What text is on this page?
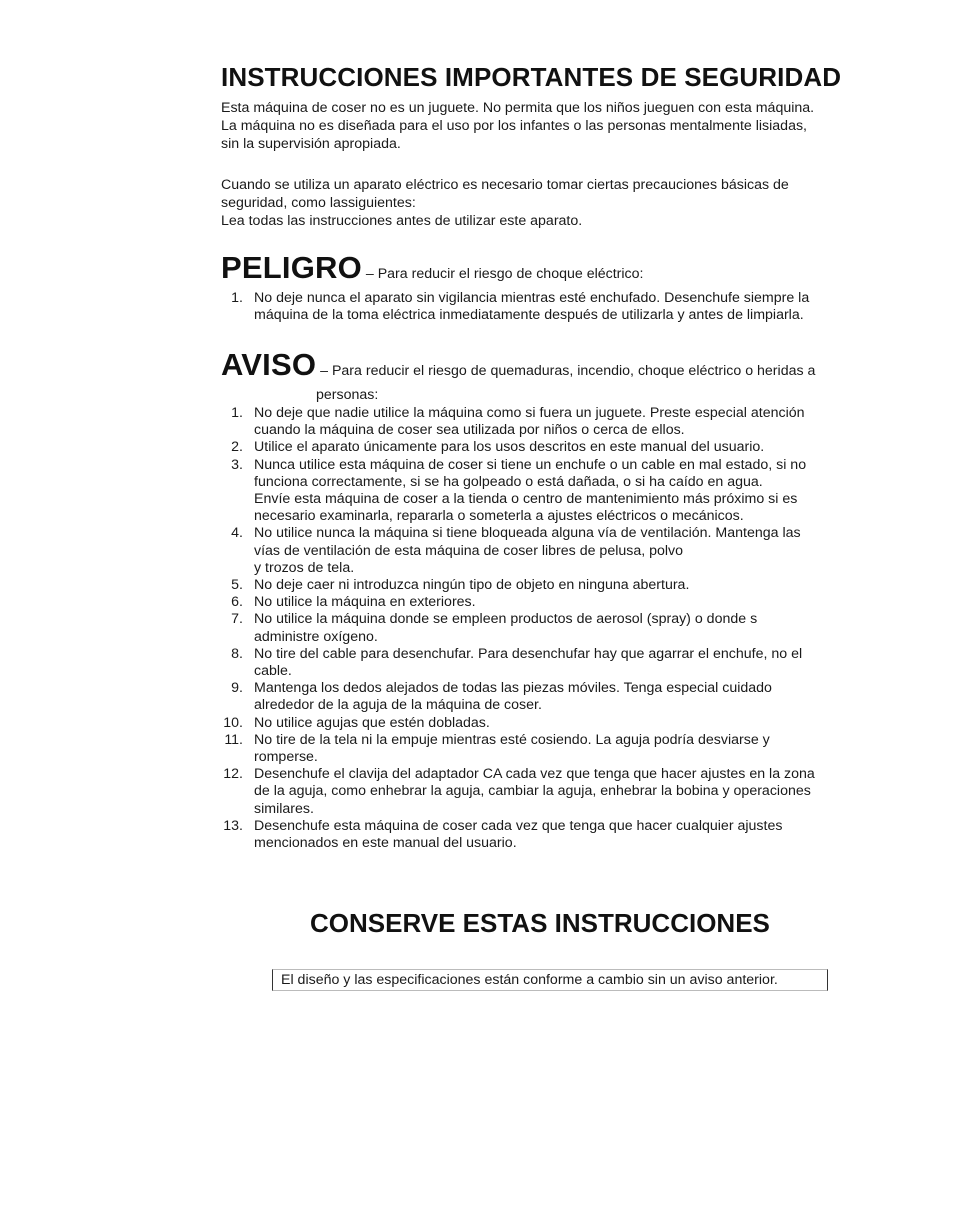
INSTRUCCIONES IMPORTANTES DE SEGURIDAD

Esta máquina de coser no es un juguete. No permita que los niños jueguen con esta máquina.
La máquina no es diseñada para el uso por los infantes o las personas mentalmente lisiadas,
sin la supervisión apropiada.

Cuando se utiliza un aparato eléctrico es necesario tomar ciertas precauciones básicas de
seguridad, como lassiguientes:
Lea todas las instrucciones antes de utilizar este aparato.

PELIGRO – Para reducir el riesgo de choque eléctrico:
1. No deje nunca el aparato sin vigilancia mientras esté enchufado. Desenchufe siempre la
máquina de la toma eléctrica inmediatamente después de utilizarla y antes de limpiarla.
AVISO – Para reducir el riesgo de quemaduras, incendio, choque eléctrico o heridas a
personas:
1. No deje que nadie utilice la máquina como si fuera un juguete. Preste especial atención
cuando la máquina de coser sea utilizada por niños o cerca de ellos.
2. Utilice el aparato únicamente para los usos descritos en este manual del usuario.
3. Nunca utilice esta máquina de coser si tiene un enchufe o un cable en mal estado, si no
funciona correctamente, si se ha golpeado o está dañada, o si ha caído en agua.
Envíe esta máquina de coser a la tienda o centro de mantenimiento más próximo si es
necesario examinarla, repararla o someterla a ajustes eléctricos o mecánicos.
4. No utilice nunca la máquina si tiene bloqueada alguna vía de ventilación. Mantenga las
vías de ventilación de esta máquina de coser libres de pelusa, polvo
y trozos de tela.
5. No deje caer ni introduzca ningún tipo de objeto en ninguna abertura.
6. No utilice la máquina en exteriores.
7. No utilice la máquina donde se empleen productos de aerosol (spray) o donde s
administre oxígeno.
8. No tire del cable para desenchufar. Para desenchufar hay que agarrar el enchufe, no el
cable.
9. Mantenga los dedos alejados de todas las piezas móviles. Tenga especial cuidado
alrededor de la aguja de la máquina de coser.
10. No utilice agujas que estén dobladas.
11. No tire de la tela ni la empuje mientras esté cosiendo. La aguja podría desviarse y
romperse.
12. Desenchufe el clavija del adaptador CA cada vez que tenga que hacer ajustes en la zona
de la aguja, como enhebrar la aguja, cambiar la aguja, enhebrar la bobina y operaciones
similares.
13. Desenchufe esta máquina de coser cada vez que tenga que hacer cualquier ajustes
mencionados en este manual del usuario.
CONSERVE ESTAS INSTRUCCIONES
El diseño y las especificaciones están conforme a cambio sin un aviso anterior.
